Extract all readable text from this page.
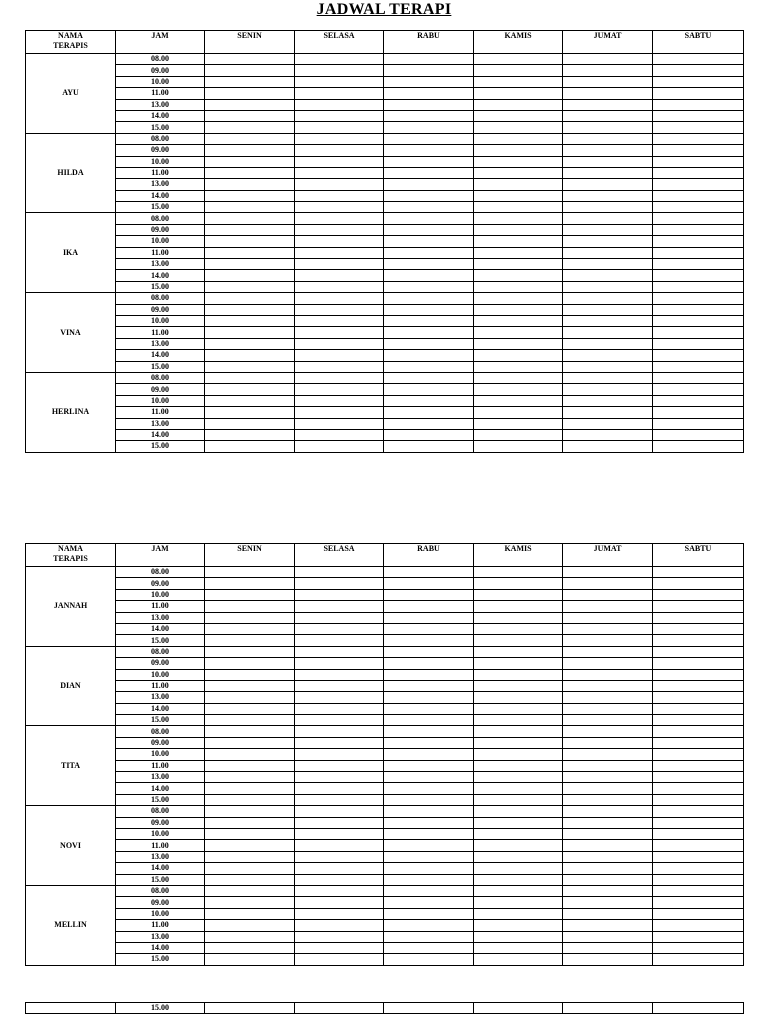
JADWAL TERAPI
NAMA
TERAPIS	JAM	SENIN	SELASA	RABU	KAMIS	JUMAT	SABTU
AYU	08.00						
	09.00						
	10.00						
	11.00						
	13.00						
	14.00						
	15.00						
HILDA	08.00						
	09.00						
	10.00						
	11.00						
	13.00						
	14.00						
	15.00						
IKA	08.00						
	09.00						
	10.00						
	11.00						
	13.00						
	14.00						
	15.00						
VINA	08.00						
	09.00						
	10.00						
	11.00						
	13.00						
	14.00						
	15.00						
HERLINA	08.00						
	09.00						
	10.00						
	11.00						
	13.00						
	14.00						
	15.00						
NAMA
TERAPIS	JAM	SENIN	SELASA	RABU	KAMIS	JUMAT	SABTU
JANNAH	08.00						
	09.00						
	10.00						
	11.00						
	13.00						
	14.00						
	15.00						
DIAN	08.00						
	09.00						
	10.00						
	11.00						
	13.00						
	14.00						
	15.00						
TITA	08.00						
	09.00						
	10.00						
	11.00						
	13.00						
	14.00						
	15.00						
NOVI	08.00						
	09.00						
	10.00						
	11.00						
	13.00						
	14.00						
	15.00						
MELLIN	08.00						
	09.00						
	10.00						
	11.00						
	13.00						
	14.00						
	15.00						
	15.00						
